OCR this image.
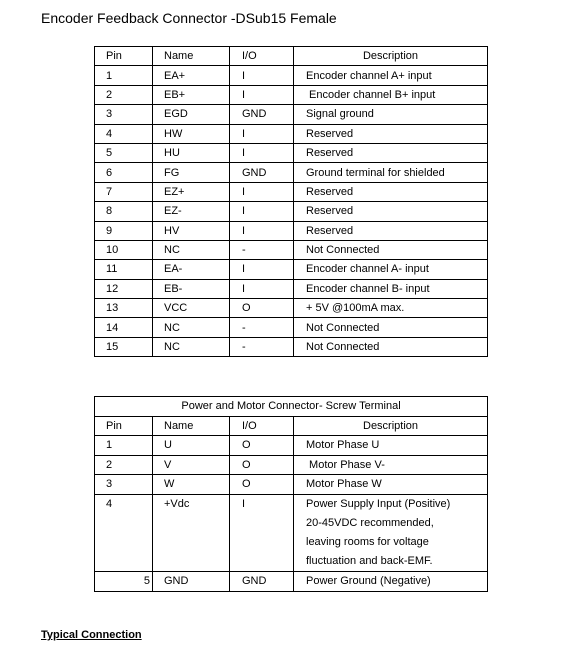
Encoder Feedback Connector -DSub15 Female
Pin	Name	I/O	Description
1	EA+	I	Encoder channel A+ input
2	EB+	I	Encoder channel B+ input
3	EGD	GND	Signal ground
4	HW	I	Reserved
5	HU	I	Reserved
6	FG	GND	Ground terminal for shielded
7	EZ+	I	Reserved
8	EZ-	I	Reserved
9	HV	I	Reserved
10	NC	-	Not Connected
11	EA-	I	Encoder channel A- input
12	EB-	I	Encoder channel B- input
13	VCC	O	+ 5V @100mA max.
14	NC	-	Not Connected
15	NC	-	Not Connected
Power and Motor Connector- Screw Terminal			
Pin	Name	I/O	Description
1	U	O	Motor Phase U
2	V	O	Motor Phase V-
3	W	O	Motor Phase W
4	+Vdc	I	Power Supply Input (Positive)
20-45VDC recommended,
leaving rooms for voltage
fluctuation and back-EMF.

5	GND	GND	Power Ground (Negative)
Typical Connection
